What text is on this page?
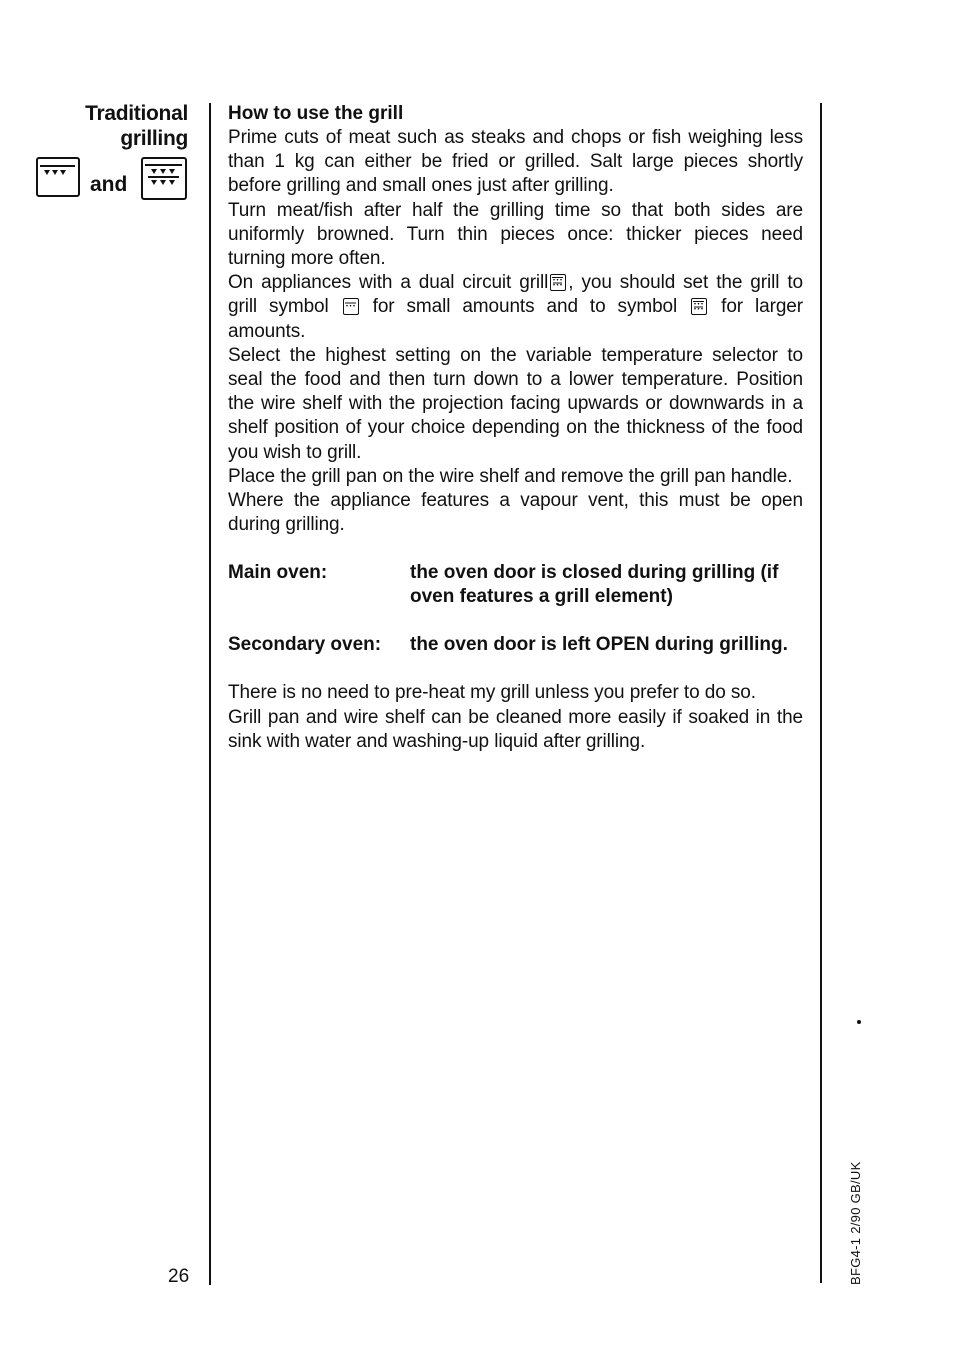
Traditional
grilling
and
How to use the grill

Prime cuts of meat such as steaks and chops or fish weighing less than 1 kg can either be fried or grilled. Salt large pieces shortly before grilling and small ones just after grilling.

Turn meat/fish after half the grilling time so that both sides are uniformly browned. Turn thin pieces once: thicker pieces need turning more often.

On appliances with a dual circuit grill , you should set the grill to grill symbol for small amounts and to symbol for larger amounts.

Select the highest setting on the variable temperature selector to seal the food and then turn down to a lower temperature. Position the wire shelf with the projection facing upwards or downwards in a shelf position of your choice depending on the thickness of the food you wish to grill.

Place the grill pan on the wire shelf and remove the grill pan handle.

Where the appliance features a vapour vent, this must be open during grilling.

Main oven:	the oven door is closed during grilling (if oven features a grill element)
Secondary oven:	the oven door is left OPEN during grilling.

There is no need to pre-heat my grill unless you prefer to do so.

Grill pan and wire shelf can be cleaned more easily if soaked in the sink with water and washing-up liquid after grilling.

26	BFG4-1 2/90 GB/UK
